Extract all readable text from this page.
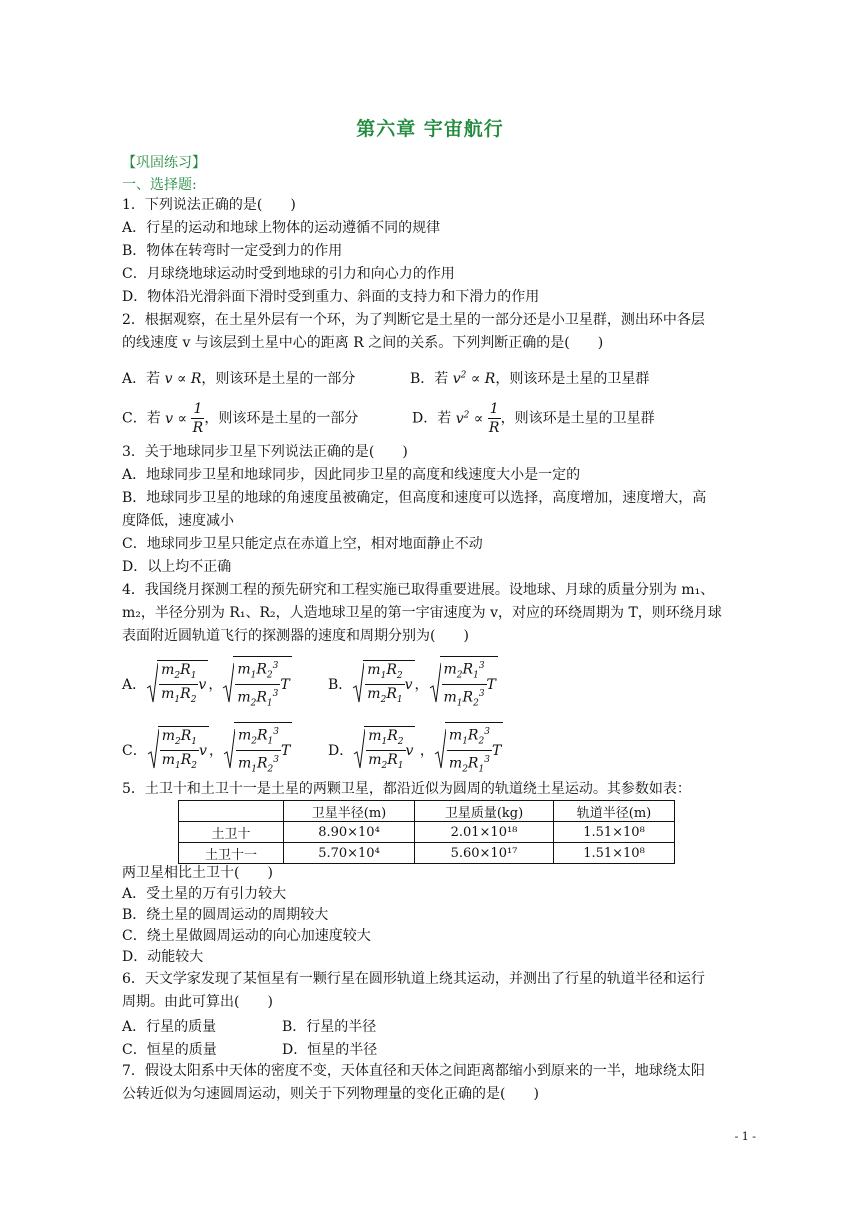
第六章 宇宙航行
【巩固练习】
一、选择题:
1．下列说法正确的是(　　)
A．行星的运动和地球上物体的运动遵循不同的规律
B．物体在转弯时一定受到力的作用
C．月球绕地球运动时受到地球的引力和向心力的作用
D．物体沿光滑斜面下滑时受到重力、斜面的支持力和下滑力的作用
2．根据观察，在土星外层有一个环，为了判断它是土星的一部分还是小卫星群，测出环中各层
的线速度 v 与该层到土星中心的距离 R 之间的关系。下列判断正确的是(　　)
A．若 v ∝ R，则该环是土星的一部分	B．若 $v^2 \propto R$，则该环是土星的卫星群
C．若 $v \propto \frac{1}{R}$ ，则该环是土星的一部分	D．若 $v^2 \propto \frac{1}{R}$ ，则该环是土星的卫星群
3．关于地球同步卫星下列说法正确的是(　　)
A．地球同步卫星和地球同步，因此同步卫星的高度和线速度大小是一定的
B．地球同步卫星的地球的角速度虽被确定，但高度和速度可以选择，高度增加，速度增大，高
度降低，速度减小
C．地球同步卫星只能定点在赤道上空，相对地面静止不动
D．以上均不正确
4．我国绕月探测工程的预先研究和工程实施已取得重要进展。设地球、月球的质量分别为 m₁、
m₂，半径分别为 R₁、R₂，人造地球卫星的第一宇宙速度为 v，对应的环绕周期为 T，则环绕月球
表面附近圆轨道飞行的探测器的速度和周期分别为(　　)
A． $\frac{m_2R_1}{m_1R_2}$ v ， $\frac{m_1R_2^3}{m_2R_1^3}$ T	B． $\frac{m_1R_2}{m_2R_1}$ v ， $\frac{m_2R_1^3}{m_1R_2^3}$ T
C． $\frac{m_2R_1}{m_1R_2}$ v ， $\frac{m_2R_1^3}{m_1R_2^3}$ T	D． $\frac{m_1R_2}{m_2R_1}$ v ， $\frac{m_1R_2^3}{m_2R_1^3}$ T
5．土卫十和土卫十一是土星的两颗卫星，都沿近似为圆周的轨道绕土星运动。其参数如表：
	卫星半径(m)	卫星质量(kg)	轨道半径(m)
土卫十	8.90×10⁴	2.01×10¹⁸	1.51×10⁸
土卫十一	5.70×10⁴	5.60×10¹⁷	1.51×10⁸
两卫星相比土卫十(　　)
A．受土星的万有引力较大
B．绕土星的圆周运动的周期较大
C．绕土星做圆周运动的向心加速度较大
D．动能较大
6．天文学家发现了某恒星有一颗行星在圆形轨道上绕其运动，并测出了行星的轨道半径和运行
周期。由此可算出(　　)
A．行星的质量	B．行星的半径
C．恒星的质量	D．恒星的半径
7．假设太阳系中天体的密度不变，天体直径和天体之间距离都缩小到原来的一半，地球绕太阳
公转近似为匀速圆周运动，则关于下列物理量的变化正确的是(　　)
- 1 -
